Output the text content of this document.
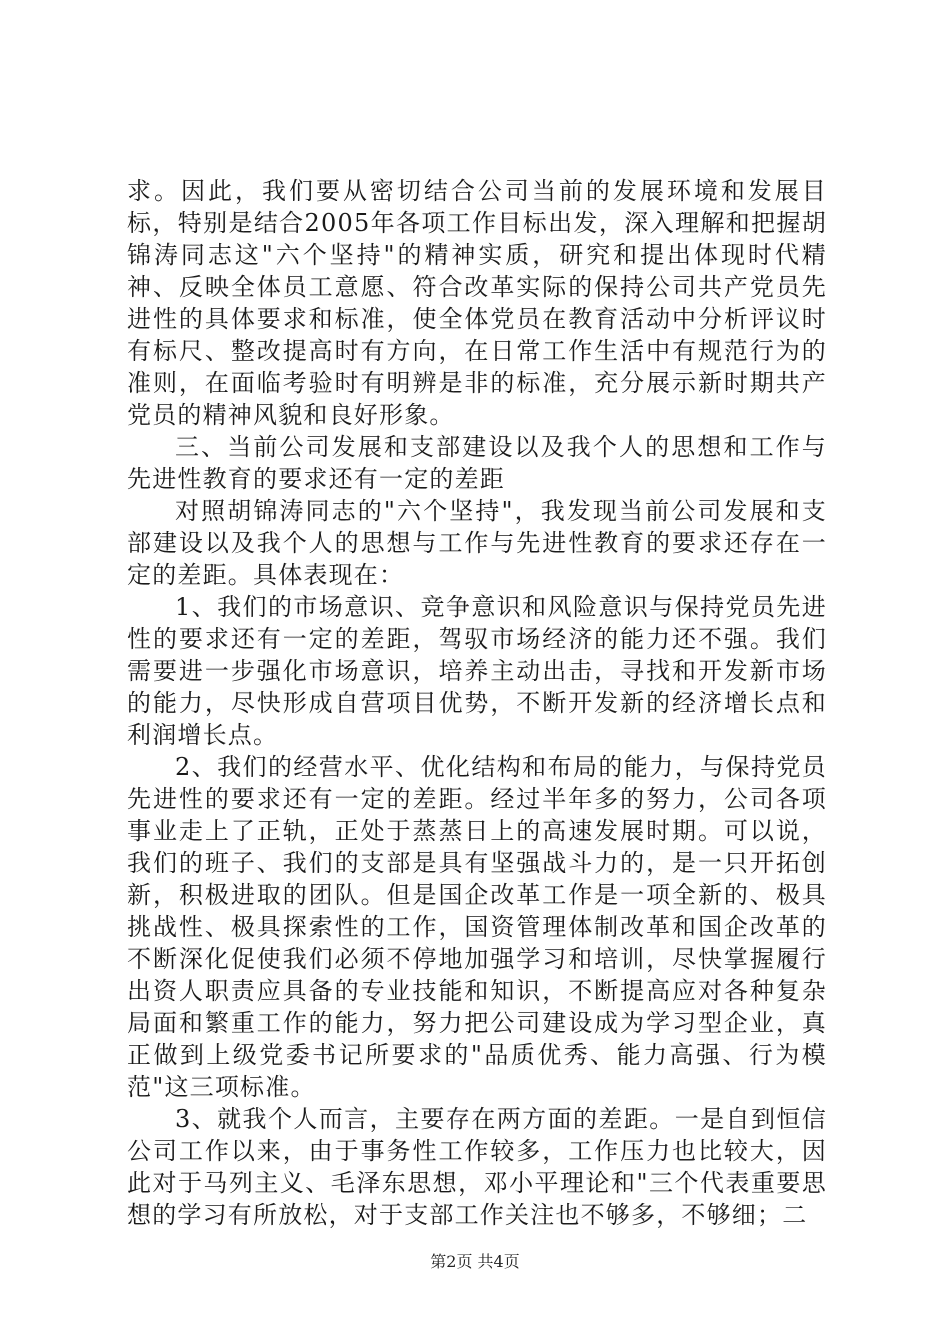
求。因此，我们要从密切结合公司当前的发展环境和发展目标，特别是结合2005年各项工作目标出发，深入理解和把握胡锦涛同志这"六个坚持"的精神实质，研究和提出体现时代精神、反映全体员工意愿、符合改革实际的保持公司共产党员先进性的具体要求和标准，使全体党员在教育活动中分析评议时有标尺、整改提高时有方向，在日常工作生活中有规范行为的准则，在面临考验时有明辨是非的标准，充分展示新时期共产党员的精神风貌和良好形象。

三、当前公司发展和支部建设以及我个人的思想和工作与先进性教育的要求还有一定的差距

对照胡锦涛同志的"六个坚持"，我发现当前公司发展和支部建设以及我个人的思想与工作与先进性教育的要求还存在一定的差距。具体表现在：

1、我们的市场意识、竞争意识和风险意识与保持党员先进性的要求还有一定的差距，驾驭市场经济的能力还不强。我们需要进一步强化市场意识，培养主动出击，寻找和开发新市场的能力，尽快形成自营项目优势，不断开发新的经济增长点和利润增长点。

2、我们的经营水平、优化结构和布局的能力，与保持党员先进性的要求还有一定的差距。经过半年多的努力，公司各项事业走上了正轨，正处于蒸蒸日上的高速发展时期。可以说，我们的班子、我们的支部是具有坚强战斗力的，是一只开拓创新，积极进取的团队。但是国企改革工作是一项全新的、极具挑战性、极具探索性的工作，国资管理体制改革和国企改革的不断深化促使我们必须不停地加强学习和培训，尽快掌握履行出资人职责应具备的专业技能和知识，不断提高应对各种复杂局面和繁重工作的能力，努力把公司建设成为学习型企业，真正做到上级党委书记所要求的"品质优秀、能力高强、行为模范"这三项标准。

3、就我个人而言，主要存在两方面的差距。一是自到恒信公司工作以来，由于事务性工作较多，工作压力也比较大，因此对于马列主义、毛泽东思想，邓小平理论和"三个代表重要思想的学习有所放松，对于支部工作关注也不够多，不够细；二

第2页 共4页
